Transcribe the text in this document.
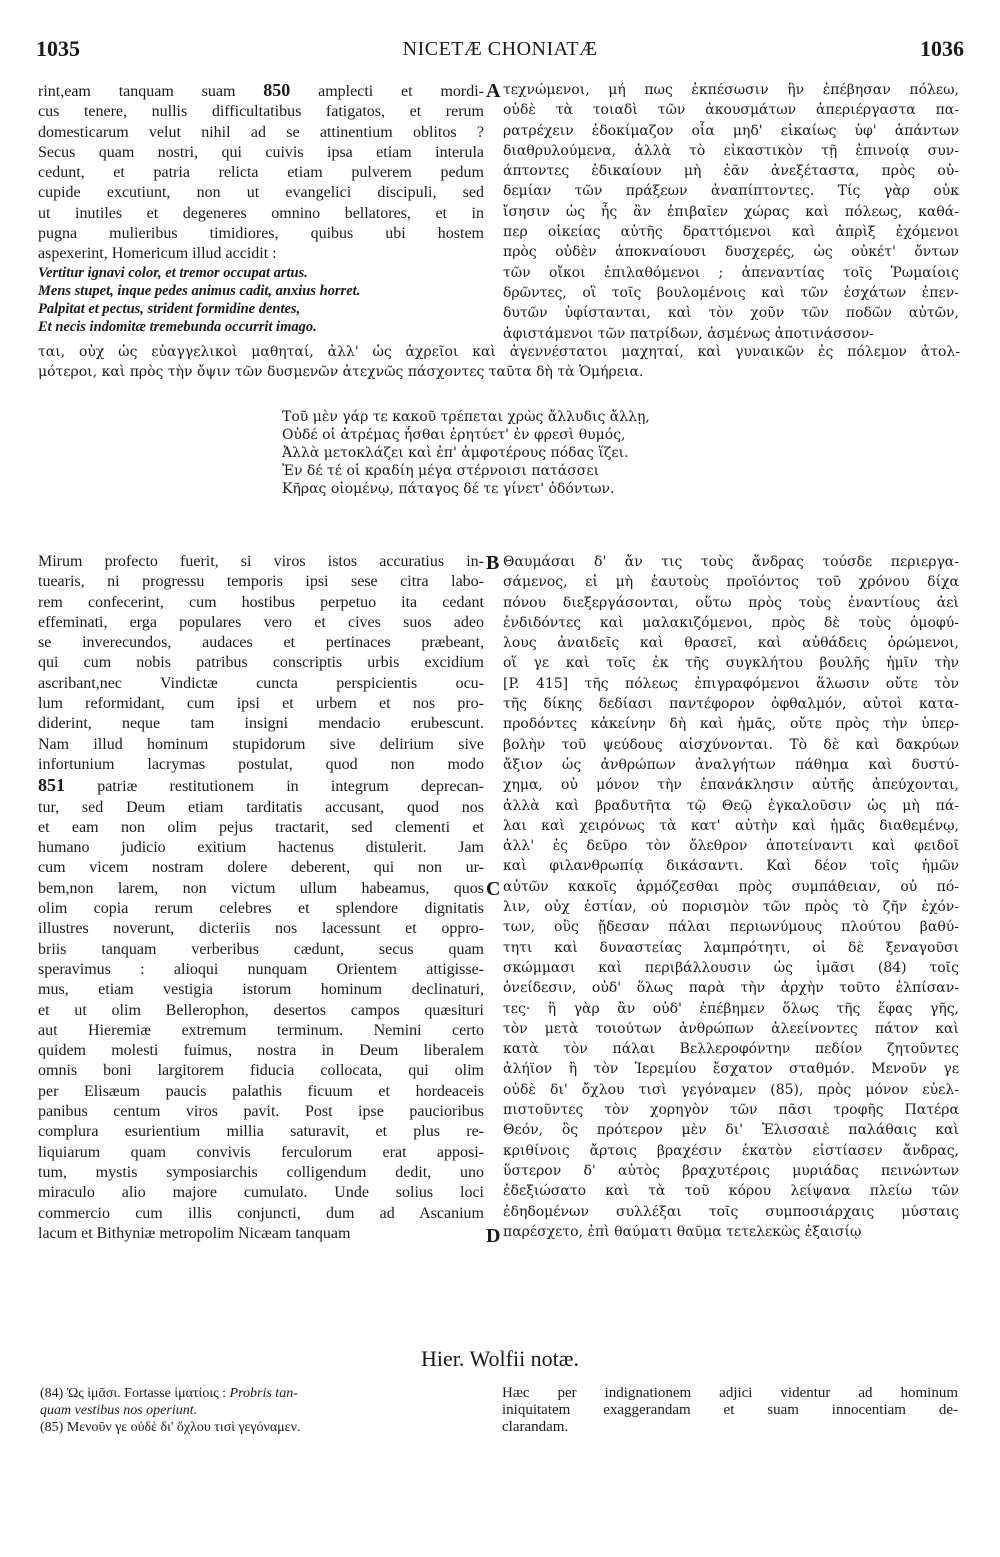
1035	NICETÆ CHONIATÆ	1036
rint,eam tanquam suam 850 amplecti et mordi-
cus tenere, nullis difficultatibus fatigatos, et rerum
domesticarum velut nihil ad se attinentium oblitos ?
Secus quam nostri, qui cuivis ipsa etiam interula
cedunt, et patria relicta etiam pulverem pedum
cupide excutiunt, non ut evangelici discipuli, sed
ut inutiles et degeneres omnino bellatores, et in
pugna mulieribus timidiores, quibus ubi hostem
aspexerint, Homericum illud accidit :
Vertitur ignavi color, et tremor occupat artus.
Mens stupet, inque pedes animus cadit, anxius horret.
Palpitat et pectus, strident formidine dentes,
Et necis indomitæ tremebunda occurrit imago.
τεχνώμενοι, μή πως ἐκπέσωσιν ἣν ἐπέβησαν πόλεω,
οὐδὲ τὰ τοιαδὶ τῶν ἀκουσμάτων ἀπεριέργαστα πα-
ρατρέχειν ἐδοκίμαζον οἷα μηδ' εἰκαίως ὑφ' ἁπάντων
διαθρυλούμενα, ἀλλὰ τὸ εἰκαστικὸν τῇ ἐπινοίᾳ συν-
άπτοντες ἐδικαίουν μὴ ἐᾶν ἀνεξέταστα, πρὸς οὐ-
δεμίαν τῶν πράξεων ἀναπίπτοντες. Τίς γὰρ οὐκ
ἴσησιν ὡς ἧς ἂν ἐπιβαῖεν χώρας καὶ πόλεως, καθά-
περ οἰκείας αὐτῆς δραττόμενοι καὶ ἀπρὶξ ἐχόμενοι
πρὸς οὐδὲν ἀποκναίουσι δυσχερές, ὡς οὐκέτ' ὄντων
τῶν οἴκοι ἐπιλαθόμενοι ; ἀπεναντίας τοῖς Ῥωμαίοις
δρῶντες, οἳ τοῖς βουλομένοις καὶ τῶν ἐσχάτων ἐπεν-
δυτῶν ὑφίστανται, καὶ τὸν χοῦν τῶν ποδῶν αὐτῶν,
ἀφιστάμενοι τῶν πατρίδων, ἀσμένως ἀποτινάσσον-
ται, οὐχ ὡς εὐαγγελικοὶ μαθηταί, ἀλλ' ὡς ἀχρεῖοι καὶ ἀγεννέστατοι μαχηταί, καὶ γυναικῶν ἐς πόλεμον ἀτολ-
μότεροι, καὶ πρὸς τὴν ὄψιν τῶν δυσμενῶν ἀτεχνῶς πάσχοντες ταῦτα δὴ τὰ Ὁμήρεια.
Τοῦ μὲν γάρ τε κακοῦ τρέπεται χρὼς ἄλλυδις ἄλλῃ,
Οὐδέ οἱ ἀτρέμας ἧσθαι ἐρητύετ' ἐν φρεσὶ θυμός,
Ἀλλὰ μετοκλάζει καὶ ἐπ' ἀμφοτέρους πόδας ἵζει.
Ἐν δέ τέ οἱ κραδίη μέγα στέρνοισι πατάσσει
Κῆρας οἰομένῳ, πάταγος δέ τε γίνετ' ὀδόντων.
Mirum profecto fuerit, si viros istos accuratius in-
tuearis, ni progressu temporis ipsi sese citra labo-
rem confecerint, cum hostibus perpetuo ita cedant
effeminati, erga populares vero et cives suos adeo
se inverecundos, audaces et pertinaces præbeant,
qui cum nobis patribus conscriptis urbis excidium
ascribant,nec Vindictæ cuncta perspicientis ocu-
lum reformidant, cum ipsi et urbem et nos pro-
diderint, neque tam insigni mendacio erubescunt.
Nam illud hominum stupidorum sive delirium sive
infortunium lacrymas postulat, quod non modo
851 patriæ restitutionem in integrum deprecan-
tur, sed Deum etiam tarditatis accusant, quod nos
et eam non olim pejus tractarit, sed clementi et
humano judicio exitium hactenus distulerit. Jam
cum vicem nostram dolere deberent, qui non ur-
bem,non larem, non victum ullum habeamus, quos
olim copia rerum celebres et splendore dignitatis
illustres noverunt, dicteriis nos lacessunt et oppro-
briis tanquam verberibus cædunt, secus quam
speravimus : alioqui nunquam Orientem attigisse-
mus, etiam vestigia istorum hominum declinaturi,
et ut olim Bellerophon, desertos campos quæsituri
aut Hieremiæ extremum terminum. Nemini certo
quidem molesti fuimus, nostra in Deum liberalem
omnis boni largitorem fiducia collocata, qui olim
per Elisæum paucis palathis ficuum et hordeaceis
panibus centum viros pavit. Post ipse paucioribus
complura esurientium millia saturavit, et plus re-
liquiarum quam convivis ferculorum erat apposi-
tum, mystis symposiarchis colligendum dedit, uno
miraculo alio majore cumulato. Unde solius loci
commercio cum illis conjuncti, dum ad Ascanium
lacum et Bithyniæ metropolim Nicæam tanquam
Θαυμάσαι δ' ἄν τις τοὺς ἄνδρας τούσδε περιεργα-
σάμενος, εἰ μὴ ἑαυτοὺς προϊόντος τοῦ χρόνου δίχα
πόνου διεξεργάσονται, οὕτω πρὸς τοὺς ἐναντίους ἀεὶ
ἐνδιδόντες καὶ μαλακιζόμενοι, πρὸς δὲ τοὺς ὁμοφύ-
λους ἀναιδεῖς καὶ θρασεῖ, καὶ αὐθάδεις ὁρώμενοι,
οἵ γε καὶ τοῖς ἐκ τῆς συγκλήτου βουλῆς ἡμῖν τὴν
[P. 415] τῆς πόλεως ἐπιγραφόμενοι ἅλωσιν οὔτε τὸν
τῆς δίκης δεδίασι παντέφορον ὀφθαλμόν, αὐτοὶ κατα-
προδόντες κἀκείνην δὴ καὶ ἡμᾶς, οὔτε πρὸς τὴν ὑπερ-
βολὴν τοῦ ψεύδους αἰσχύνονται. Τὸ δὲ καὶ δακρύων
ἄξιον ὡς ἀνθρώπων ἀναλγήτων πάθημα καὶ δυστύ-
χημα, οὐ μόνον τὴν ἐπανάκλησιν αὐτῆς ἀπεύχονται,
ἀλλὰ καὶ βραδυτῆτα τῷ Θεῷ ἐγκαλοῦσιν ὡς μὴ πά-
λαι καὶ χειρόνως τὰ κατ' αὐτὴν καὶ ἡμᾶς διαθεμένῳ,
ἀλλ' ἐς δεῦρο τὸν ὄλεθρον ἀποτείναντι καὶ φειδοῖ
καὶ φιλανθρωπίᾳ δικάσαντι. Καὶ δέον τοῖς ἡμῶν
αὐτῶν κακοῖς ἁρμόζεσθαι πρὸς συμπάθειαν, οὐ πό-
λιν, οὐχ ἑστίαν, οὐ πορισμὸν τῶν πρὸς τὸ ζῆν ἐχόν-
των, οὓς ᾔδεσαν πάλαι περιωνύμους πλούτου βαθύ-
τητι καὶ δυναστείας λαμπρότητι, οἱ δὲ ξεναγοῦσι
σκώμμασι καὶ περιβάλλουσιν ὡς ἱμᾶσι (84) τοῖς
ὀνείδεσιν, οὐδ' ὅλως παρὰ τὴν ἀρχὴν τοῦτο ἐλπίσαν-
τες· ἢ γὰρ ἂν οὐδ' ἐπέβημεν ὅλως τῆς ἕφας γῆς,
τὸν μετὰ τοιούτων ἀνθρώπων ἀλεείνοντες πάτον καὶ
κατὰ τὸν πάλαι Βελλεροφόντην πεδίον ζητοῦντες
ἀλήϊον ἢ τὸν Ἱερεμίου ἔσχατον σταθμόν. Μενοῦν γε
οὐδὲ δι' ὄχλου τισὶ γεγόναμεν (85), πρὸς μόνον εὐελ-
πιστοῦντες τὸν χορηγὸν τῶν πᾶσι τροφῆς Πατέρα
Θεόν, ὃς πρότερον μὲν δι' Ἐλισσαιὲ παλάθαις καὶ
κριθίνοις ἄρτοις βραχέσιν ἑκατὸν εἱστίασεν ἄνδρας,
ὕστερον δ' αὐτὸς βραχυτέροις μυριάδας πεινώντων
ἐδεξιώσατο καὶ τὰ τοῦ κόρου λείψανα πλείω τῶν
ἐδηδομένων συλλέξαι τοῖς συμποσιάρχαις μύσταις
παρέσχετο, ἐπὶ θαύματι θαῦμα τετελεκὼς ἐξαισίῳ
A
B
C
D
Hier. Wolfii notæ.
(84) Ὡς ἱμᾶσι. Fortasse ἱματίοις : Probris tan-
quam vestibus nos operiunt.
(85) Μενοῦν γε οὐδὲ δι' ὄχλου τισὶ γεγόναμεν.
Hæc per indignationem adjici videntur ad hominum
iniquitatem exaggerandam et suam innocentiam de-
clarandam.
